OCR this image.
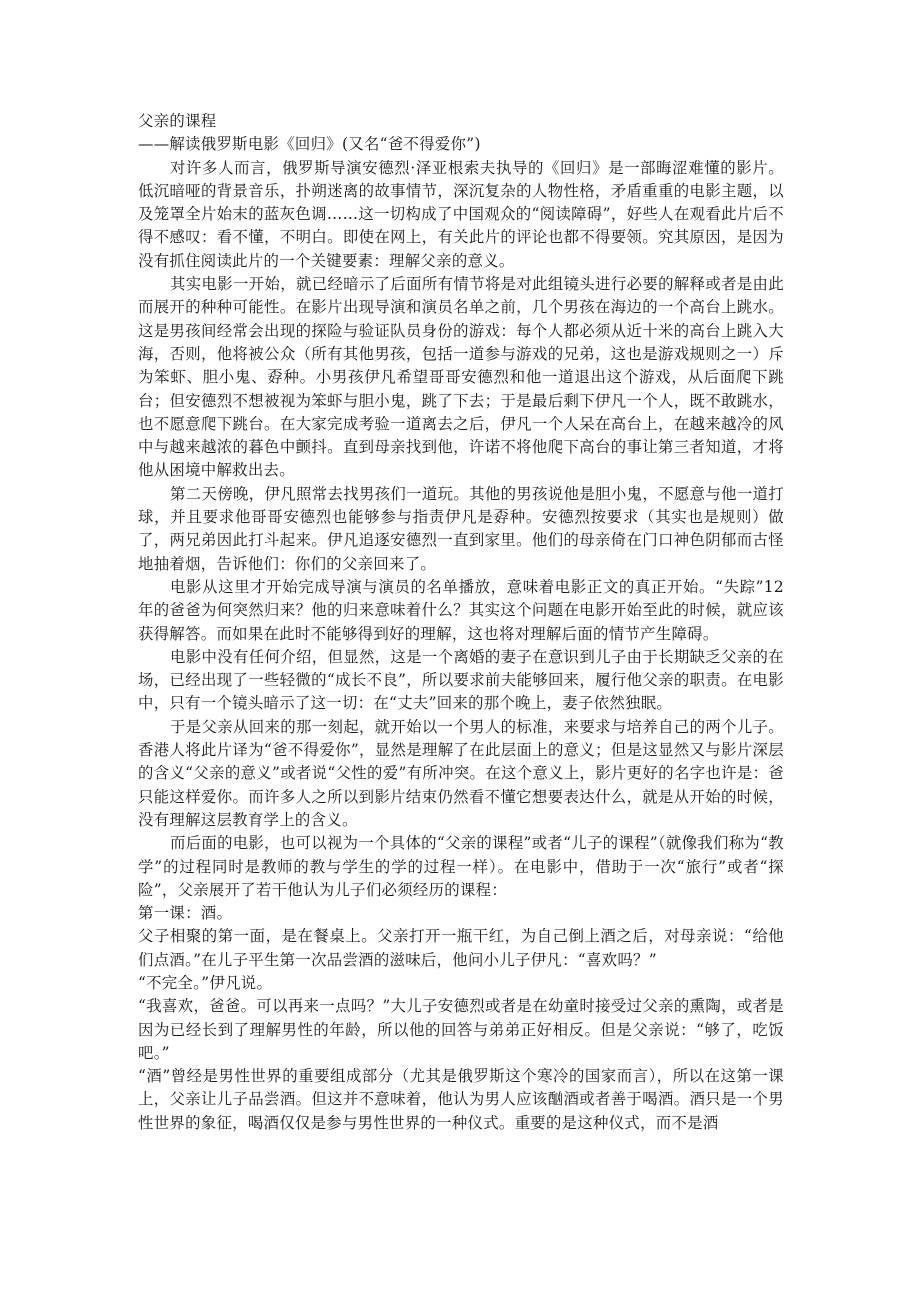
父亲的课程

——解读俄罗斯电影《回归》(又名“爸不得爱你”)

对许多人而言，俄罗斯导演安德烈·泽亚根索夫执导的《回归》是一部晦涩难懂的影片。低沉暗哑的背景音乐，扑朔迷离的故事情节，深沉复杂的人物性格，矛盾重重的电影主题，以及笼罩全片始末的蓝灰色调……这一切构成了中国观众的“阅读障碍”，好些人在观看此片后不得不感叹：看不懂，不明白。即使在网上，有关此片的评论也都不得要领。究其原因，是因为没有抓住阅读此片的一个关键要素：理解父亲的意义。

其实电影一开始，就已经暗示了后面所有情节将是对此组镜头进行必要的解释或者是由此而展开的种种可能性。在影片出现导演和演员名单之前，几个男孩在海边的一个高台上跳水。这是男孩间经常会出现的探险与验证队员身份的游戏：每个人都必须从近十米的高台上跳入大海，否则，他将被公众（所有其他男孩，包括一道参与游戏的兄弟，这也是游戏规则之一）斥为笨虾、胆小鬼、孬种。小男孩伊凡希望哥哥安德烈和他一道退出这个游戏，从后面爬下跳台；但安德烈不想被视为笨虾与胆小鬼，跳了下去；于是最后剩下伊凡一个人，既不敢跳水，也不愿意爬下跳台。在大家完成考验一道离去之后，伊凡一个人呆在高台上，在越来越冷的风中与越来越浓的暮色中颤抖。直到母亲找到他，许诺不将他爬下高台的事让第三者知道，才将他从困境中解救出去。

第二天傍晚，伊凡照常去找男孩们一道玩。其他的男孩说他是胆小鬼，不愿意与他一道打球，并且要求他哥哥安德烈也能够参与指责伊凡是孬种。安德烈按要求（其实也是规则）做了，两兄弟因此打斗起来。伊凡追逐安德烈一直到家里。他们的母亲倚在门口神色阴郁而古怪地抽着烟，告诉他们：你们的父亲回来了。

电影从这里才开始完成导演与演员的名单播放，意味着电影正文的真正开始。“失踪”12年的爸爸为何突然归来？他的归来意味着什么？其实这个问题在电影开始至此的时候，就应该获得解答。而如果在此时不能够得到好的理解，这也将对理解后面的情节产生障碍。

电影中没有任何介绍，但显然，这是一个离婚的妻子在意识到儿子由于长期缺乏父亲的在场，已经出现了一些轻微的“成长不良”，所以要求前夫能够回来，履行他父亲的职责。在电影中，只有一个镜头暗示了这一切：在“丈夫”回来的那个晚上，妻子依然独眠。

于是父亲从回来的那一刻起，就开始以一个男人的标准，来要求与培养自己的两个儿子。香港人将此片译为“爸不得爱你”，显然是理解了在此层面上的意义；但是这显然又与影片深层的含义“父亲的意义”或者说“父性的爱”有所冲突。在这个意义上，影片更好的名字也许是：爸只能这样爱你。而许多人之所以到影片结束仍然看不懂它想要表达什么，就是从开始的时候，没有理解这层教育学上的含义。

而后面的电影，也可以视为一个具体的“父亲的课程”或者“儿子的课程”（就像我们称为“教学”的过程同时是教师的教与学生的学的过程一样）。在电影中，借助于一次“旅行”或者“探险”，父亲展开了若干他认为儿子们必须经历的课程：

第一课：酒。

父子相聚的第一面，是在餐桌上。父亲打开一瓶干红，为自己倒上酒之后，对母亲说：“给他们点酒。”在儿子平生第一次品尝酒的滋味后，他问小儿子伊凡：“喜欢吗？”

“不完全。”伊凡说。

“我喜欢，爸爸。可以再来一点吗？”大儿子安德烈或者是在幼童时接受过父亲的熏陶，或者是因为已经长到了理解男性的年龄，所以他的回答与弟弟正好相反。但是父亲说：“够了，吃饭吧。”

“酒”曾经是男性世界的重要组成部分（尤其是俄罗斯这个寒冷的国家而言），所以在这第一课上，父亲让儿子品尝酒。但这并不意味着，他认为男人应该酗酒或者善于喝酒。酒只是一个男性世界的象征，喝酒仅仅是参与男性世界的一种仪式。重要的是这种仪式，而不是酒
